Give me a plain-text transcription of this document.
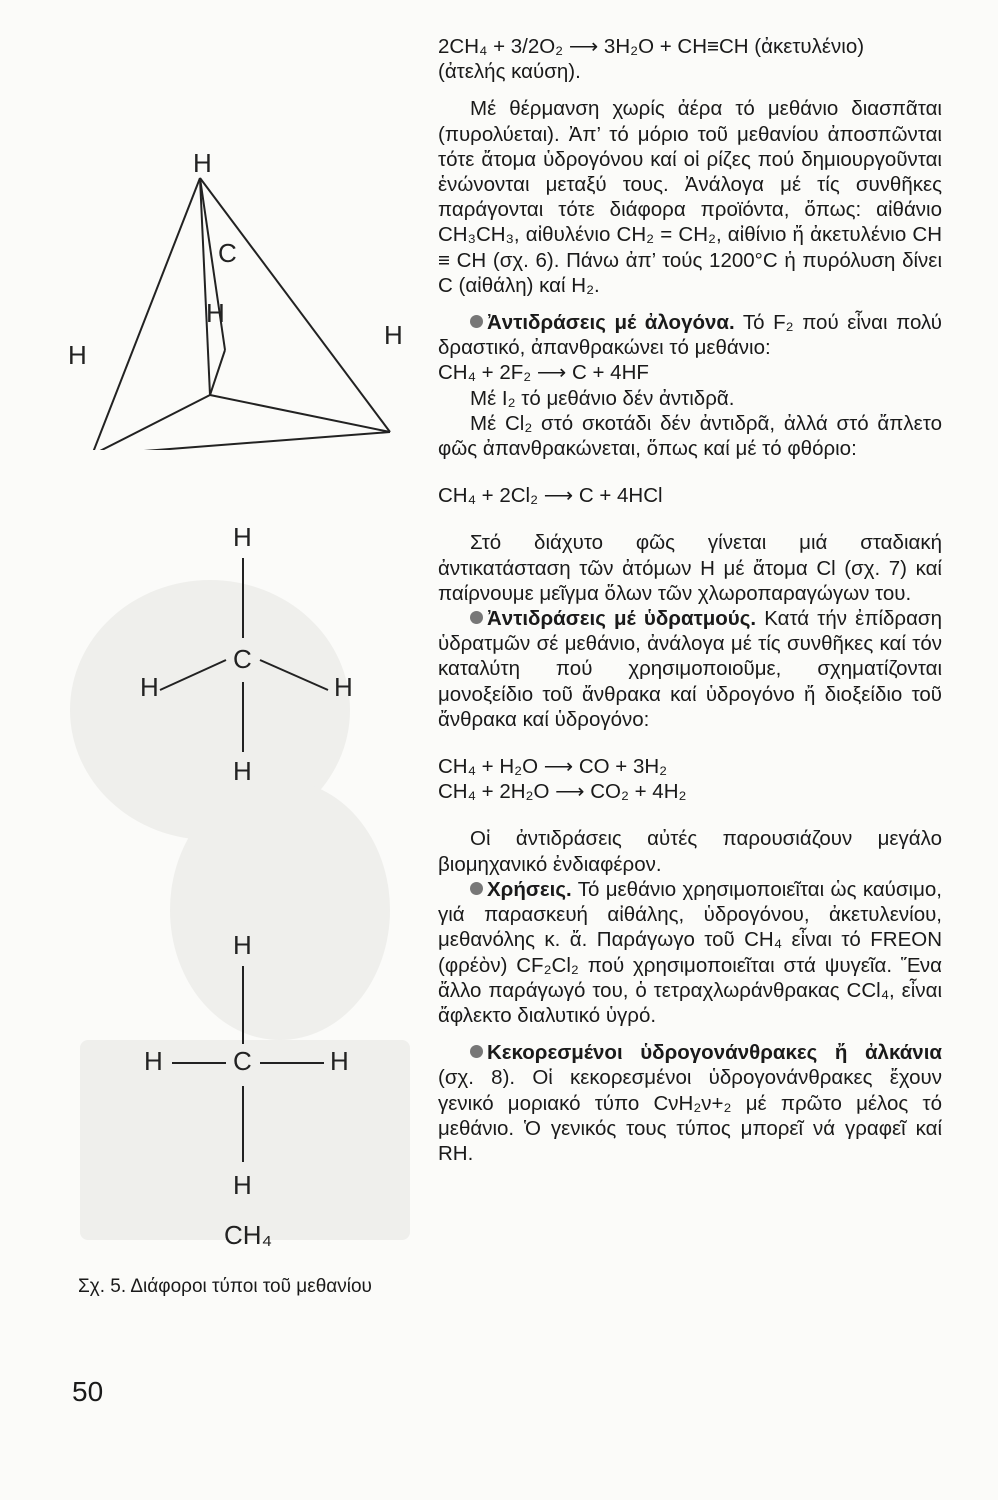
H
C
H
H
H
H
C
H	H
H
H
H	C	H
H
CH₄
Σχ. 5. Διάφοροι τύποι τοῦ μεθανίου
50

2CH₄ + 3/2O₂ ⟶ 3H₂O + CH≡CH (ἀκετυλένιο)

(ἀτελής καύση).

Μέ θέρμανση χωρίς ἀέρα τό μεθάνιο διασπᾶται (πυρολύεται). Ἀπ’ τό μόριο τοῦ μεθανίου ἀποσπῶνται τότε ἄτομα ὑδρογόνου καί οἱ ρίζες πού δημιουργοῦνται ἑνώνονται μεταξύ τους. Ἀνάλογα μέ τίς συνθῆκες παράγονται τότε διάφορα προϊόντα, ὅπως: αἰθάνιο CH₃CH₃, αἰθυλένιο CH₂ = CH₂, αἰθίνιο ἤ ἀκετυλένιο CH ≡ CH (σχ. 6). Πάνω ἀπ’ τούς 1200°C ἡ πυρόλυση δίνει C (αἰθάλη) καί H₂.

Ἀντιδράσεις μέ ἀλογόνα. Τό F₂ πού εἶναι πολύ δραστικό, ἀπανθρακώνει τό μεθάνιο:

CH₄ + 2F₂ ⟶ C + 4HF

Μέ I₂ τό μεθάνιο δέν ἀντιδρᾶ.

Μέ Cl₂ στό σκοτάδι δέν ἀντιδρᾶ, ἀλλά στό ἄπλετο φῶς ἀπανθρακώνεται, ὅπως καί μέ τό φθόριο:

CH₄ + 2Cl₂ ⟶ C + 4HCl

Στό διάχυτο φῶς γίνεται μιά σταδιακή ἀντικατάσταση τῶν ἀτόμων H μέ ἄτομα Cl (σχ. 7) καί παίρνουμε μεῖγμα ὅλων τῶν χλωροπαραγώγων του.

Ἀντιδράσεις μέ ὑδρατμούς. Κατά τήν ἐπίδραση ὑδρατμῶν σέ μεθάνιο, ἀνάλογα μέ τίς συνθῆκες καί τόν καταλύτη πού χρησιμοποιοῦμε, σχηματίζονται μονοξείδιο τοῦ ἄνθρακα καί ὑδρογόνο ἤ διοξείδιο τοῦ ἄνθρακα καί ὑδρογόνο:

CH₄ + H₂O ⟶ CO + 3H₂

CH₄ + 2H₂O ⟶ CO₂ + 4H₂

Οἱ ἀντιδράσεις αὐτές παρουσιάζουν μεγάλο βιομηχανικό ἐνδιαφέρον.

Χρήσεις. Τό μεθάνιο χρησιμοποιεῖται ὡς καύσιμο, γιά παρασκευή αἰθάλης, ὑδρογόνου, ἀκετυλενίου, μεθανόλης κ. ἄ. Παράγωγο τοῦ CH₄ εἶναι τό FREON (φρέὸν) CF₂Cl₂ πού χρησιμοποιεῖται στά ψυγεῖα. Ἕνα ἄλλο παράγωγό του, ὁ τετραχλωράνθρακας CCl₄, εἶναι ἄφλεκτο διαλυτικό ὑγρό.

Κεκορεσμένοι ὑδρογονάνθρακες ἤ ἀλκάνια (σχ. 8). Οἱ κεκορεσμένοι ὑδρογονάνθρακες ἔχουν γενικό μοριακό τύπο CνH₂ν+₂ μέ πρῶτο μέλος τό μεθάνιο. Ὁ γενικός τους τύπος μπορεῖ νά γραφεῖ καί RH.
